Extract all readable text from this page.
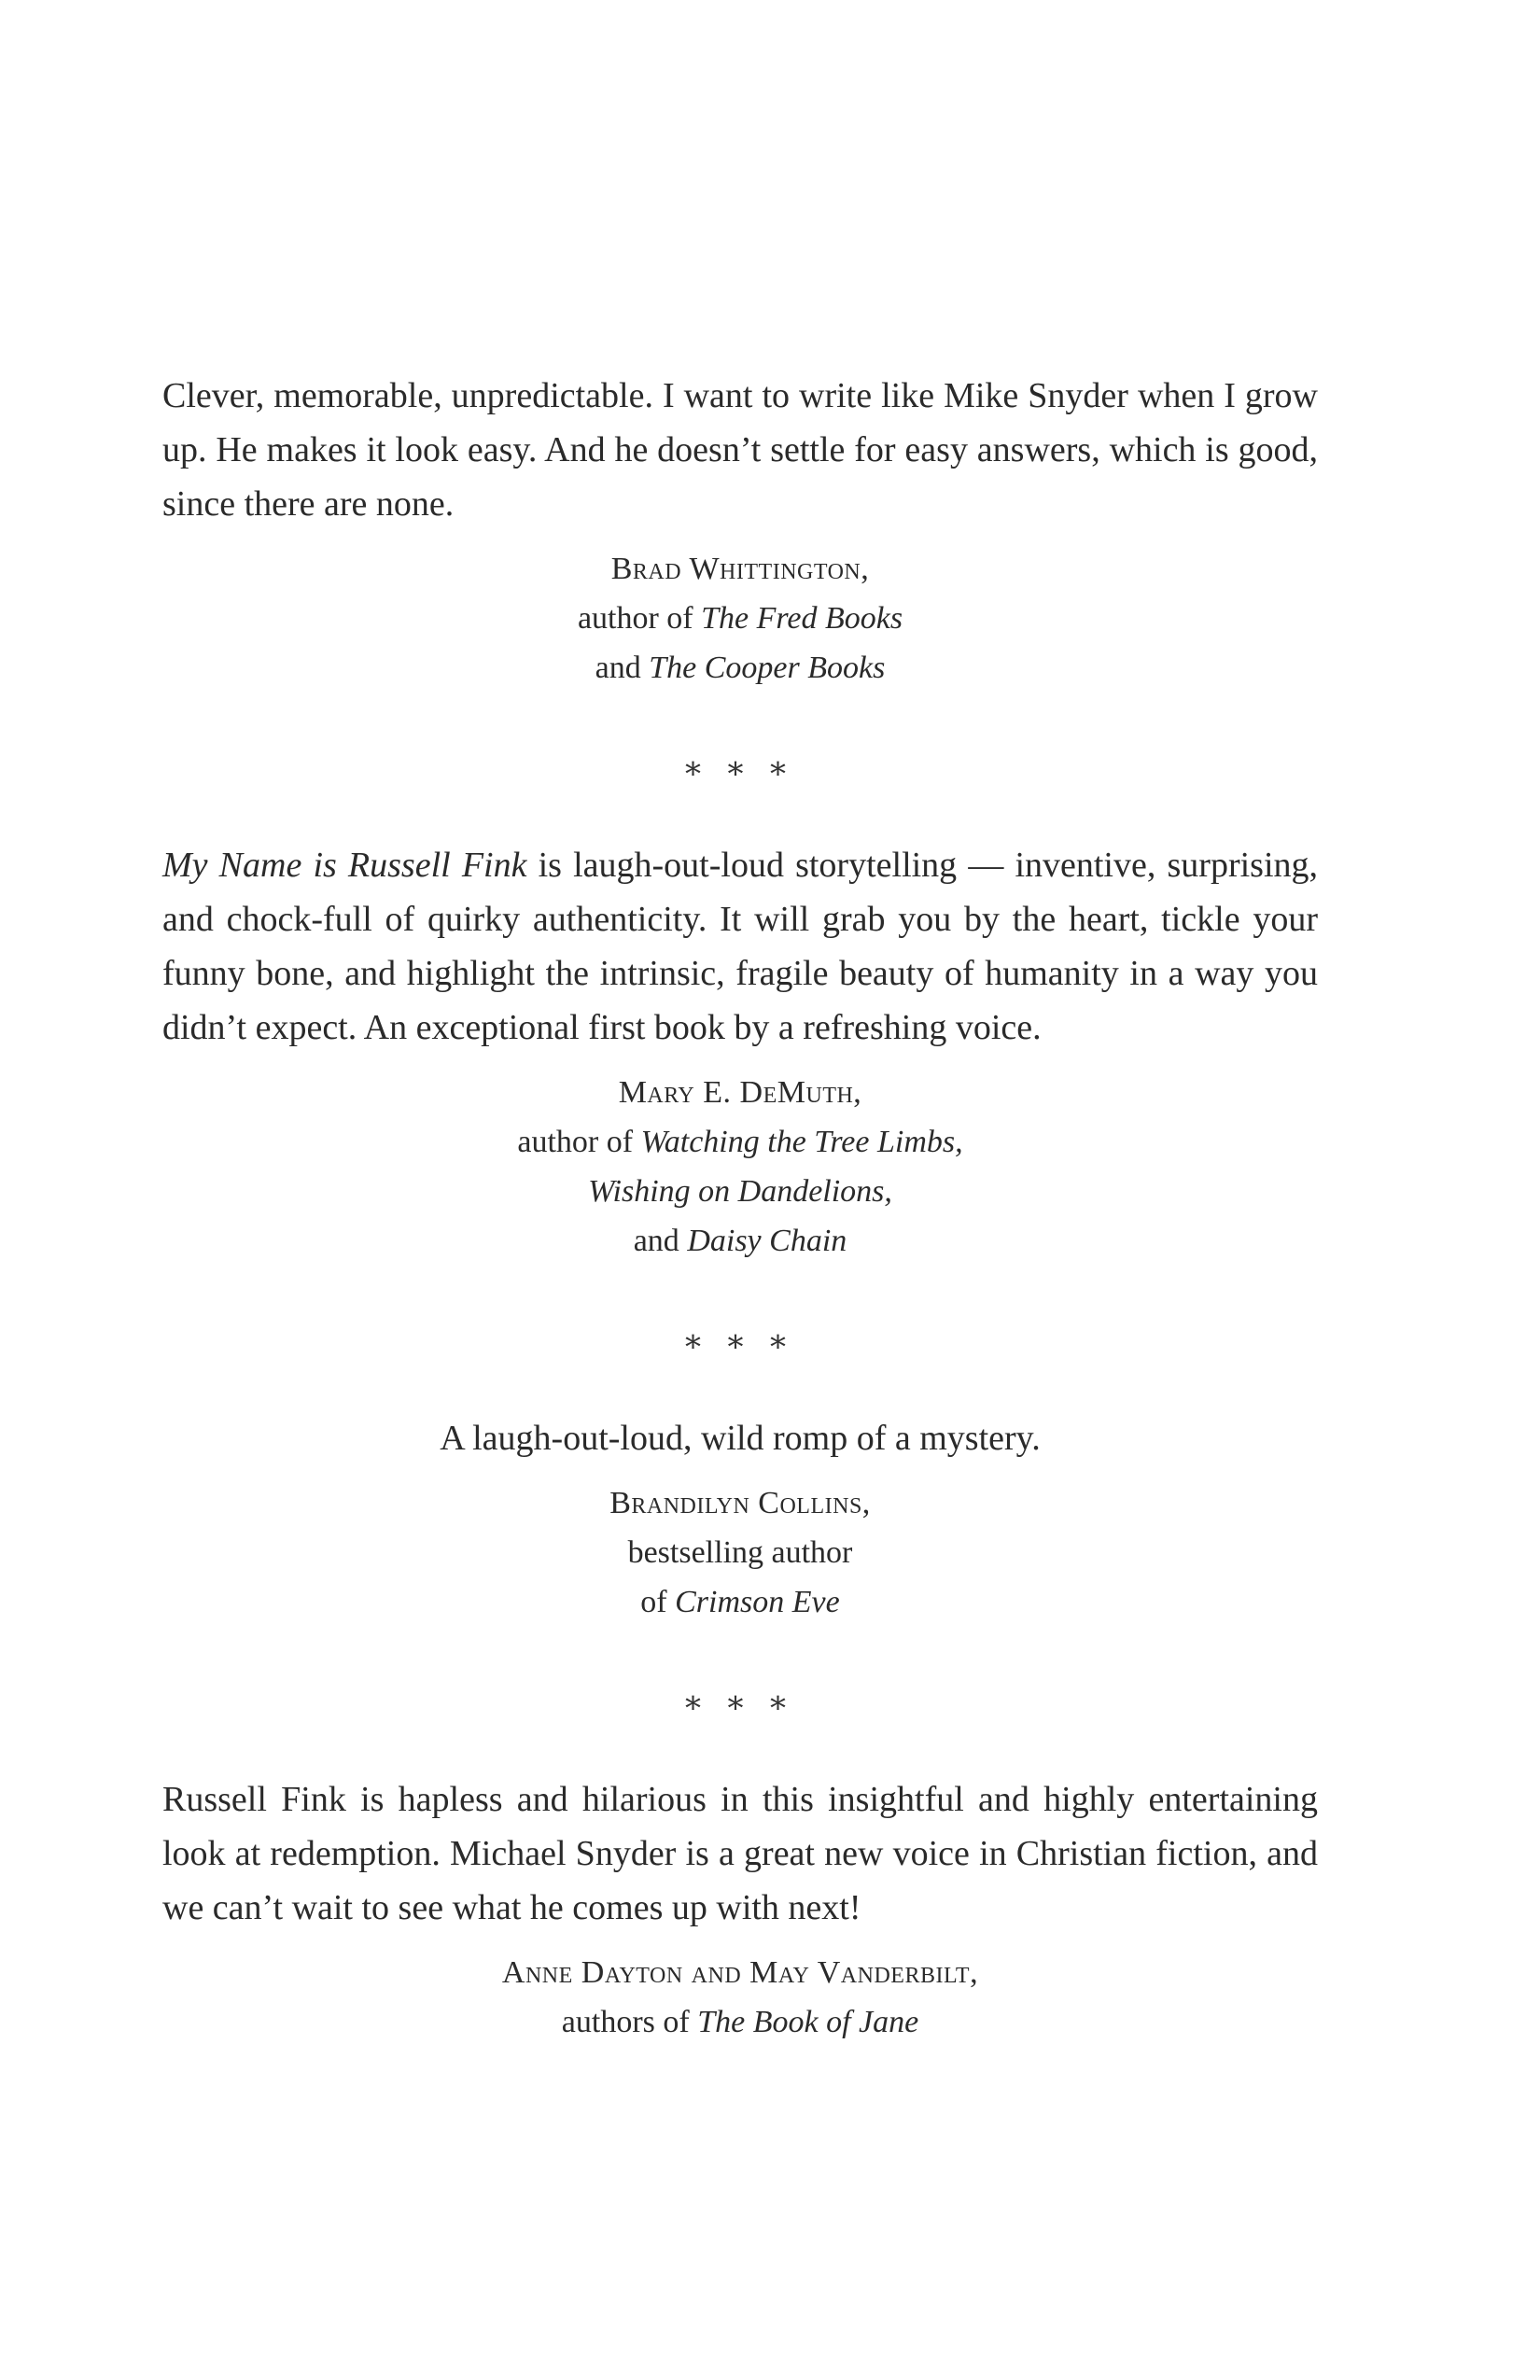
Clever, memorable, unpredictable. I want to write like Mike Snyder when I grow up. He makes it look easy. And he doesn’t settle for easy answers, which is good, since there are none.

Brad Whittington,
author of The Fred Books
and The Cooper Books
⁎ ⁎ ⁎

My Name is Russell Fink is laugh-out-loud storytelling — inventive, surprising, and chock-full of quirky authenticity. It will grab you by the heart, tickle your funny bone, and highlight the intrinsic, fragile beauty of humanity in a way you didn’t expect. An exceptional first book by a refreshing voice.

Mary E. DeMuth,
author of Watching the Tree Limbs,
Wishing on Dandelions,
and Daisy Chain
⁎ ⁎ ⁎

A laugh-out-loud, wild romp of a mystery.

Brandilyn Collins,
bestselling author
of Crimson Eve
⁎ ⁎ ⁎

Russell Fink is hapless and hilarious in this insightful and highly entertaining look at redemption. Michael Snyder is a great new voice in Christian fiction, and we can’t wait to see what he comes up with next!

Anne Dayton and May Vanderbilt,
authors of The Book of Jane
